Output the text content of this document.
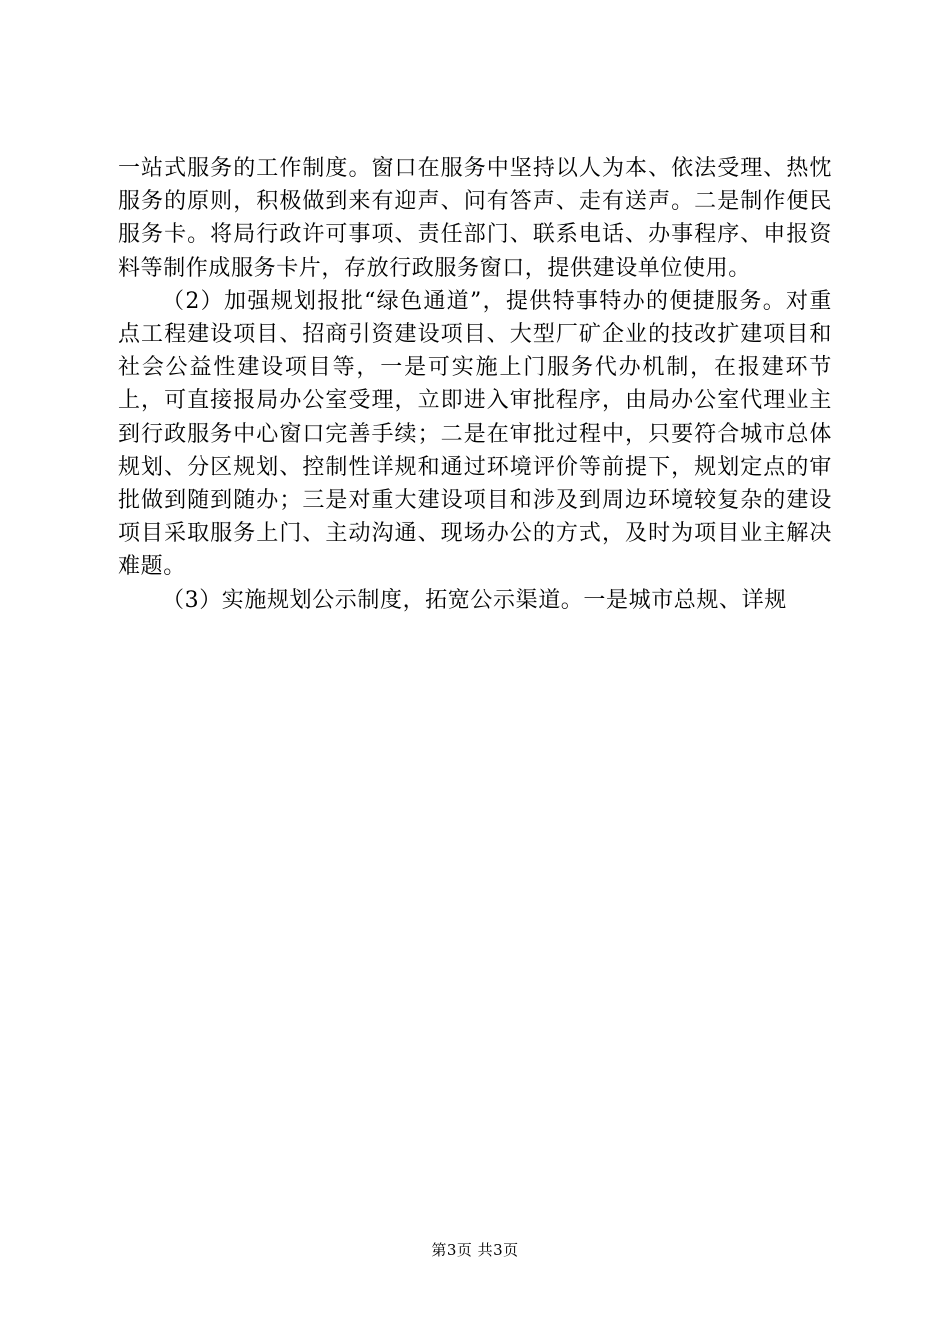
一站式服务的工作制度。窗口在服务中坚持以人为本、依法受理、热忱服务的原则，积极做到来有迎声、问有答声、走有送声。二是制作便民服务卡。将局行政许可事项、责任部门、联系电话、办事程序、申报资料等制作成服务卡片，存放行政服务窗口，提供建设单位使用。

（2）加强规划报批“绿色通道”，提供特事特办的便捷服务。对重点工程建设项目、招商引资建设项目、大型厂矿企业的技改扩建项目和社会公益性建设项目等，一是可实施上门服务代办机制，在报建环节上，可直接报局办公室受理，立即进入审批程序，由局办公室代理业主到行政服务中心窗口完善手续；二是在审批过程中，只要符合城市总体规划、分区规划、控制性详规和通过环境评价等前提下，规划定点的审批做到随到随办；三是对重大建设项目和涉及到周边环境较复杂的建设项目采取服务上门、主动沟通、现场办公的方式，及时为项目业主解决难题。

（3）实施规划公示制度，拓宽公示渠道。一是城市总规、详规

第3页 共3页
